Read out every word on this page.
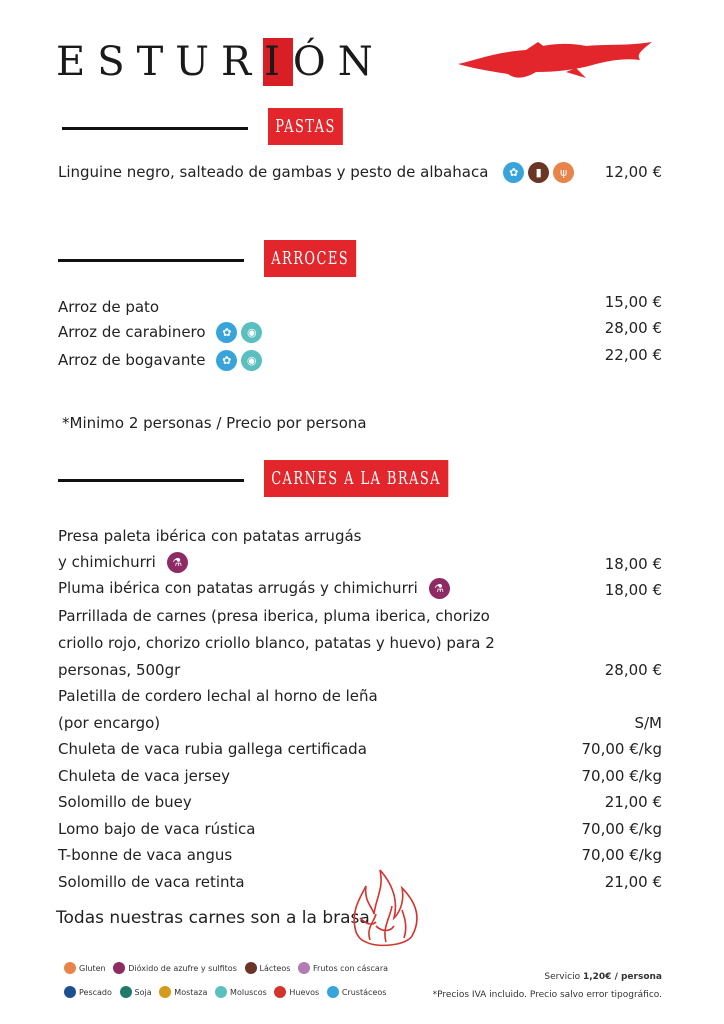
ESTURIÓN
PASTAS
Linguine negro, salteado de gambas y pesto de albahaca ✿ ▮ ψ	12,00 €
ARROCES
Arroz de pato	15,00 €
Arroz de carabinero ✿ ◉	28,00 €
Arroz de bogavante ✿ ◉	22,00 €
*Minimo 2 personas / Precio por persona
CARNES A LA BRASA
Presa paleta ibérica con patatas arrugás
y chimichurri ⚗	18,00 €
Pluma ibérica con patatas arrugás y chimichurri ⚗	18,00 €
Parrillada de carnes (presa iberica, pluma iberica, chorizo
criollo rojo, chorizo criollo blanco, patatas y huevo) para 2
personas, 500gr	28,00 €
Paletilla de cordero lechal al horno de leña
(por encargo)	S/M
Chuleta de vaca rubia gallega certificada	70,00 €/kg
Chuleta de vaca jersey	70,00 €/kg
Solomillo de buey	21,00 €
Lomo bajo de vaca rústica	70,00 €/kg
T-bonne de vaca angus	70,00 €/kg
Solomillo de vaca retinta	21,00 €
Todas nuestras carnes son a la brasa
Gluten	Dióxido de azufre y sulfitos	Lácteos	Frutos con cáscara
Pescado	Soja	Mostaza	Moluscos	Huevos	Crustáceos
Servicio 1,20€ / persona
*Precios IVA incluido. Precio salvo error tipográfico.
